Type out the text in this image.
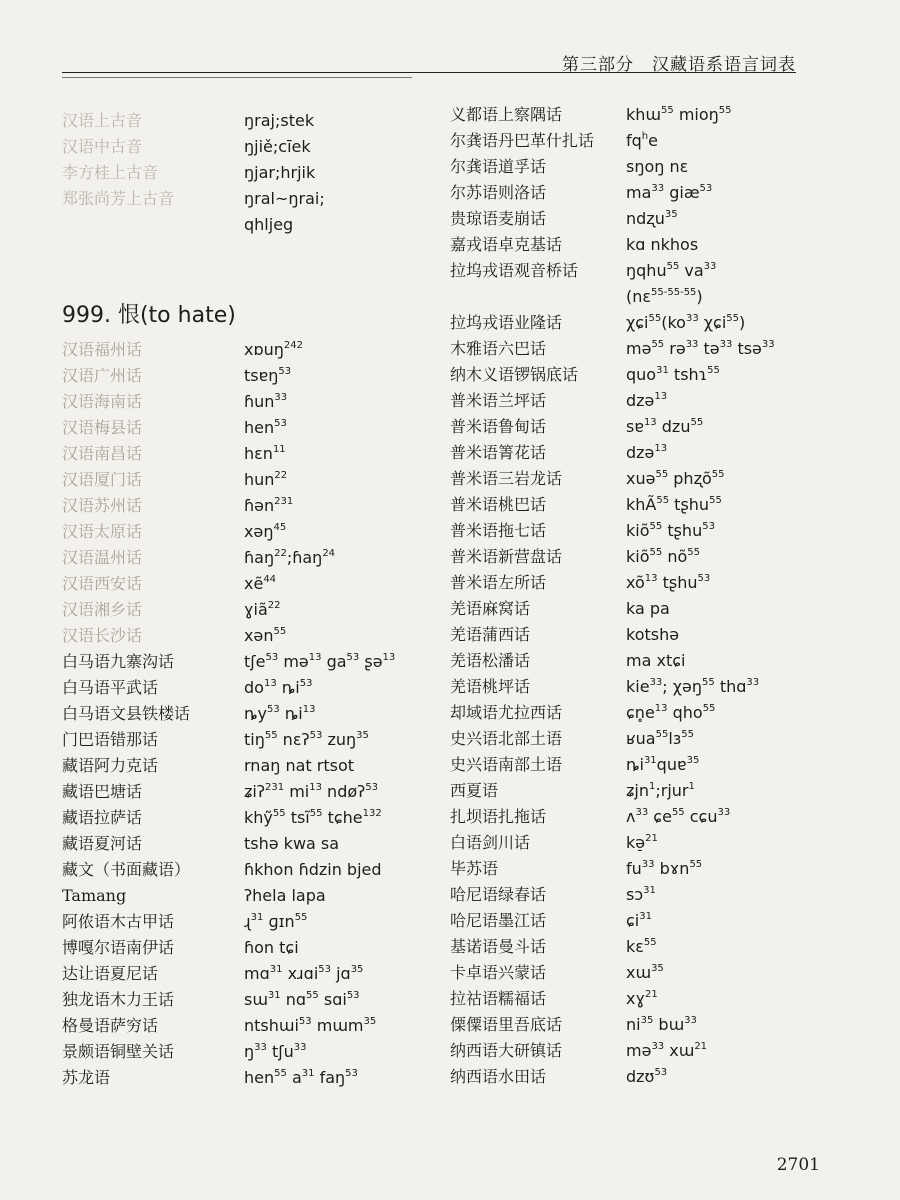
第三部分　汉藏语系语言词表
汉语上古音	ŋraj;stek
汉语中古音	ŋjiě;cīek
李方桂上古音	ŋjar;hrjik
郑张尚芳上古音	ŋral~ŋrai;
qhljeg
999. 恨(to hate)
汉语福州话	xɒuŋ$^{242}$
汉语广州话	tsɐŋ$^{53}$
汉语海南话	ɦun$^{33}$
汉语梅县话	hen$^{53}$
汉语南昌话	hɛn$^{11}$
汉语厦门话	hun$^{22}$
汉语苏州话	ɦən$^{231}$
汉语太原话	xəŋ$^{45}$
汉语温州话	ɦaŋ$^{22}$;ɦaŋ$^{24}$
汉语西安话	xẽ$^{44}$
汉语湘乡话	ɣiã$^{22}$
汉语长沙话	xən$^{55}$
白马语九寨沟话	tʃe$^{53}$ mə$^{13}$ $ga^{53}$ ʂə$^{13}$
白马语平武话	$do^{13}$ $ȵi^{53}$
白马语文县铁楼话	$ȵy^{53}$ $ȵi^{13}$
门巴语错那话	tiŋ$^{55}$ nɛʔ$^{53}$ zuŋ$^{35}$
藏语阿力克话	rnaŋ nat rtsot
藏语巴塘话	ʑiʔ$^{231}$ $mi^{13}$ ndøʔ$^{53}$
藏语拉萨话	khỹ$^{55}$ tsĩ$^{55}$ tɕhe$^{132}$
藏语夏河话	tshə kwa sa
藏文（书面藏语）	ɦkhon ɦdzin bjed
Tamang	ʔhela lapa
阿侬语木古甲话	ɻ$^{31}$ ɡɪn$^{55}$
博嘎尔语南伊话	ɦon tɕi
达让语夏尼话	mɑ$^{31}$ xɹɑi$^{53}$ jɑ$^{35}$
独龙语木力王话	sɯ$^{31}$ nɑ$^{55}$ sɑi$^{53}$
格曼语萨穷话	ntshɯi$^{53}$ mɯm$^{35}$
景颇语铜壁关话	$ŋ^{33}$ tʃu$^{33}$
苏龙语	hen$^{55}$ $a^{31}$ faŋ$^{53}$
义都语上察隅话	khɯ$^{55}$ mioŋ$^{55}$
尔龚语丹巴革什扎话 $fq^he$
尔龚语道孚话	sŋoŋ nɛ
尔苏语则洛话	$ma^{33}$ giæ$^{53}$
贵琼语麦崩话	ndʐu$^{35}$
嘉戎语卓克基话	kɑ nkhos
拉坞戎语观音桥话	ŋqhu$^{55}$ $va^{33}$
(nɛ$^{55-55-55}$)
拉坞戎语业隆话	$\chi ɕi^{55}(ko^{33}$ χɕi$^{55}$)
木雅语六巴话	mə$^{55}$ rə$^{33}$ tə$^{33}$ tsə$^{33}$
纳木义语锣锅底话	quo$^{31}$ tshɿ$^{55}$
普米语兰坪话	dzə$^{13}$
普米语鲁甸话	sɐ$^{13}$ dzu$^{55}$
普米语箐花话	dzə$^{13}$
普米语三岩龙话	xuə$^{55}$ phʐõ$^{55}$
普米语桃巴话	khÃ$^{55}$ tʂhu$^{55}$
普米语拖七话	kiõ$^{55}$ tʂhu$^{53}$
普米语新营盘话	kiõ$^{55}$ $nõ^{55}$
普米语左所话	$xõ^{13}$ tʂhu$^{53}$
羌语麻窝话	ka pa
羌语蒲西话	kotshə
羌语松潘话	ma xtɕi
羌语桃坪话	kie$^{33}$; χəŋ$^{55}$ thɑ$^{33}$
却域语尤拉西话	$ɕn̥e^{13}$ qho$^{55}$
史兴语北部土语	ʁua$^{55}$lɜ$^{55}$
史兴语南部土语	$ȵi^{31}quɐ^{35}$
西夏语	ʑjn$^1$;rjur$^1$
扎坝语扎拖话	ʌ$^{33}$ ɕe$^{55}$ cɕu$^{33}$
白语剑川话	kə̠$^{21}$
毕苏语	$fu^{33}$ bɤn$^{55}$
哈尼语绿春话	sɔ$^{31}$
哈尼语墨江话	ɕi$^{31}$
基诺语曼斗话	kɛ$^{55}$
卡卓语兴蒙话	xɯ$^{35}$
拉祜语糯福话	xɣ$^{21}$
傈僳语里吾底话	$ni^{35}$ bɯ$^{33}$
纳西语大研镇话	mə$^{33}$ xɯ$^{21}$
纳西语水田话	dzʊ$^{53}$
2701
